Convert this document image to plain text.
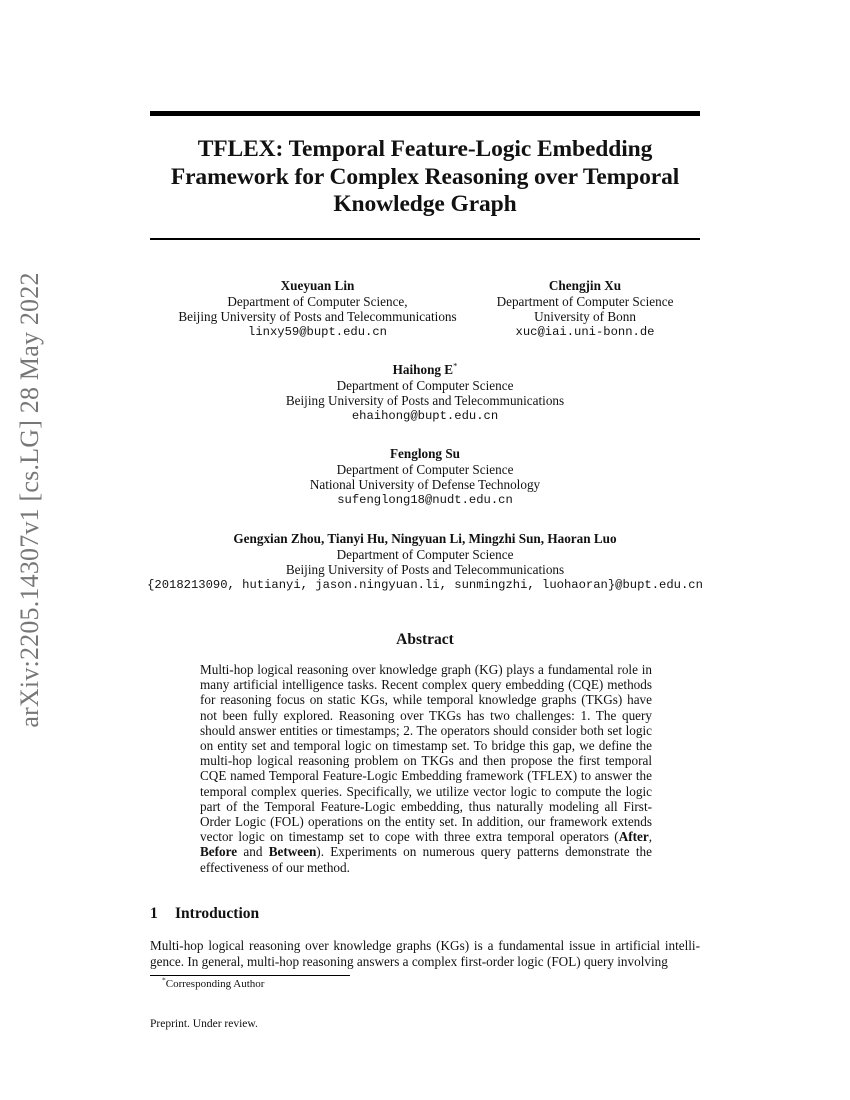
arXiv:2205.14307v1 [cs.LG] 28 May 2022
TFLEX: Temporal Feature-Logic Embedding
Framework for Complex Reasoning over Temporal
Knowledge Graph
Xueyuan Lin
Department of Computer Science,
Beijing University of Posts and Telecommunications
linxy59@bupt.edu.cn
Chengjin Xu
Department of Computer Science
University of Bonn
xuc@iai.uni-bonn.de
Haihong E*
Department of Computer Science
Beijing University of Posts and Telecommunications
ehaihong@bupt.edu.cn
Fenglong Su
Department of Computer Science
National University of Defense Technology
sufenglong18@nudt.edu.cn
Gengxian Zhou, Tianyi Hu, Ningyuan Li, Mingzhi Sun, Haoran Luo
Department of Computer Science
Beijing University of Posts and Telecommunications
{2018213090, hutianyi, jason.ningyuan.li, sunmingzhi, luohaoran}@bupt.edu.cn
Abstract
Multi-hop logical reasoning over knowledge graph (KG) plays a fundamental role in many artificial intelligence tasks. Recent complex query embedding (CQE) methods for reasoning focus on static KGs, while temporal knowledge graphs (TKGs) have not been fully explored. Reasoning over TKGs has two challenges: 1. The query should answer entities or timestamps; 2. The operators should consider both set logic on entity set and temporal logic on timestamp set. To bridge this gap, we define the multi-hop logical reasoning problem on TKGs and then propose the first temporal CQE named Temporal Feature-Logic Embedding framework (TFLEX) to answer the temporal complex queries. Specifically, we utilize vector logic to compute the logic part of the Temporal Feature-Logic embedding, thus naturally modeling all First-Order Logic (FOL) operations on the entity set. In addition, our framework extends vector logic on timestamp set to cope with three extra temporal operators (After, Before and Between). Experiments on numerous query patterns demonstrate the effectiveness of our method.
1 Introduction
Multi-hop logical reasoning over knowledge graphs (KGs) is a fundamental issue in artificial intelli-gence. In general, multi-hop reasoning answers a complex first-order logic (FOL) query involving
*Corresponding Author
Preprint. Under review.
